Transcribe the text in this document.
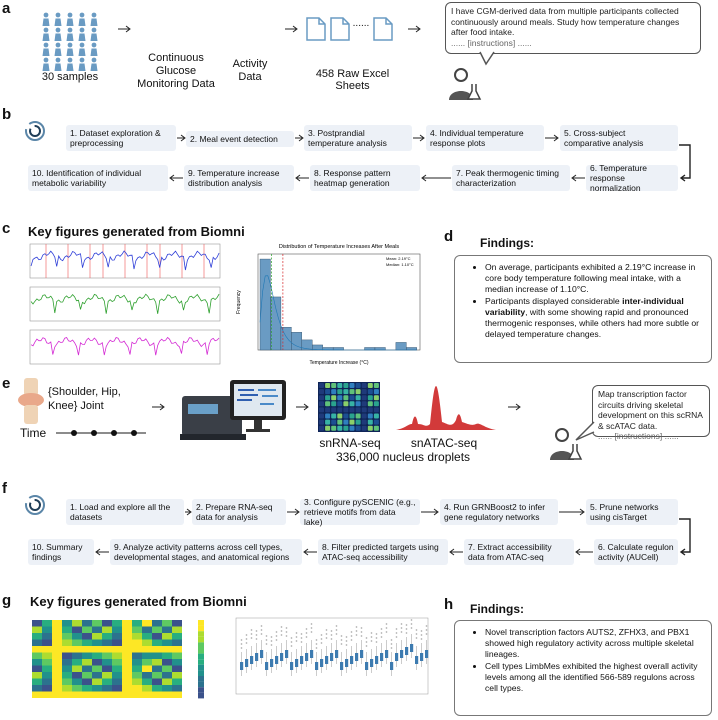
a
b
c	d
e
f
g	h
30 samples
Continuous Glucose Monitoring Data
Activity Data
......
458 Raw Excel Sheets
I have CGM-derived data from multiple participants collected continuously around meals. Study how temperature changes after food intake.
...... [instructions] ......
1. Dataset exploration & preprocessing	2. Meal event detection
3. Postprandial temperature analysis
4. Individual temperature response plots
5. Cross-subject comparative analysis
6. Temperature response normalization
7. Peak thermogenic timing characterization
8. Response pattern heatmap generation
9. Temperature increase distribution analysis
10. Identification of individual metabolic variability
Key figures generated from Biomni
Distribution of Temperature Increases After Meals
Mean: 2.19°C
Median: 1.10°C
Temperature Increase (°C)
Frequency
Findings:
• On average, participants exhibited a 2.19°C increase in core body temperature following meal intake, with a median increase of 1.10°C.
• Participants displayed considerable inter-individual variability, with some showing rapid and pronounced thermogenic responses, while others had more subtle or delayed temperature changes.
{Shoulder, Hip, Knee} Joint
Time
snRNA-seq	snATAC-seq
336,000 nucleus droplets
Map transcription factor circuits driving skeletal development on this scRNA & scATAC data.
...... [instructions] ......
1. Load and explore all the datasets
2. Prepare RNA-seq data for analysis
3. Configure pySCENIC (e.g., retrieve motifs from data lake)
4. Run GRNBoost2 to infer gene regulatory networks
5. Prune networks using cisTarget
6. Calculate regulon activity (AUCell)
7. Extract accessibility data from ATAC-seq
8. Filter predicted targets using ATAC-seq accessibility
9. Analyze activity patterns across cell types, developmental stages, and anatomical regions
10. Summary findings
Key figures generated from Biomni	Findings:
• Novel transcription factors AUTS2, ZFHX3, and PBX1 showed high regulatory activity across multiple skeletal lineages.
• Cell types LimbMes exhibited the highest overall activity levels among all the identified 566-589 regulons across cell types.
